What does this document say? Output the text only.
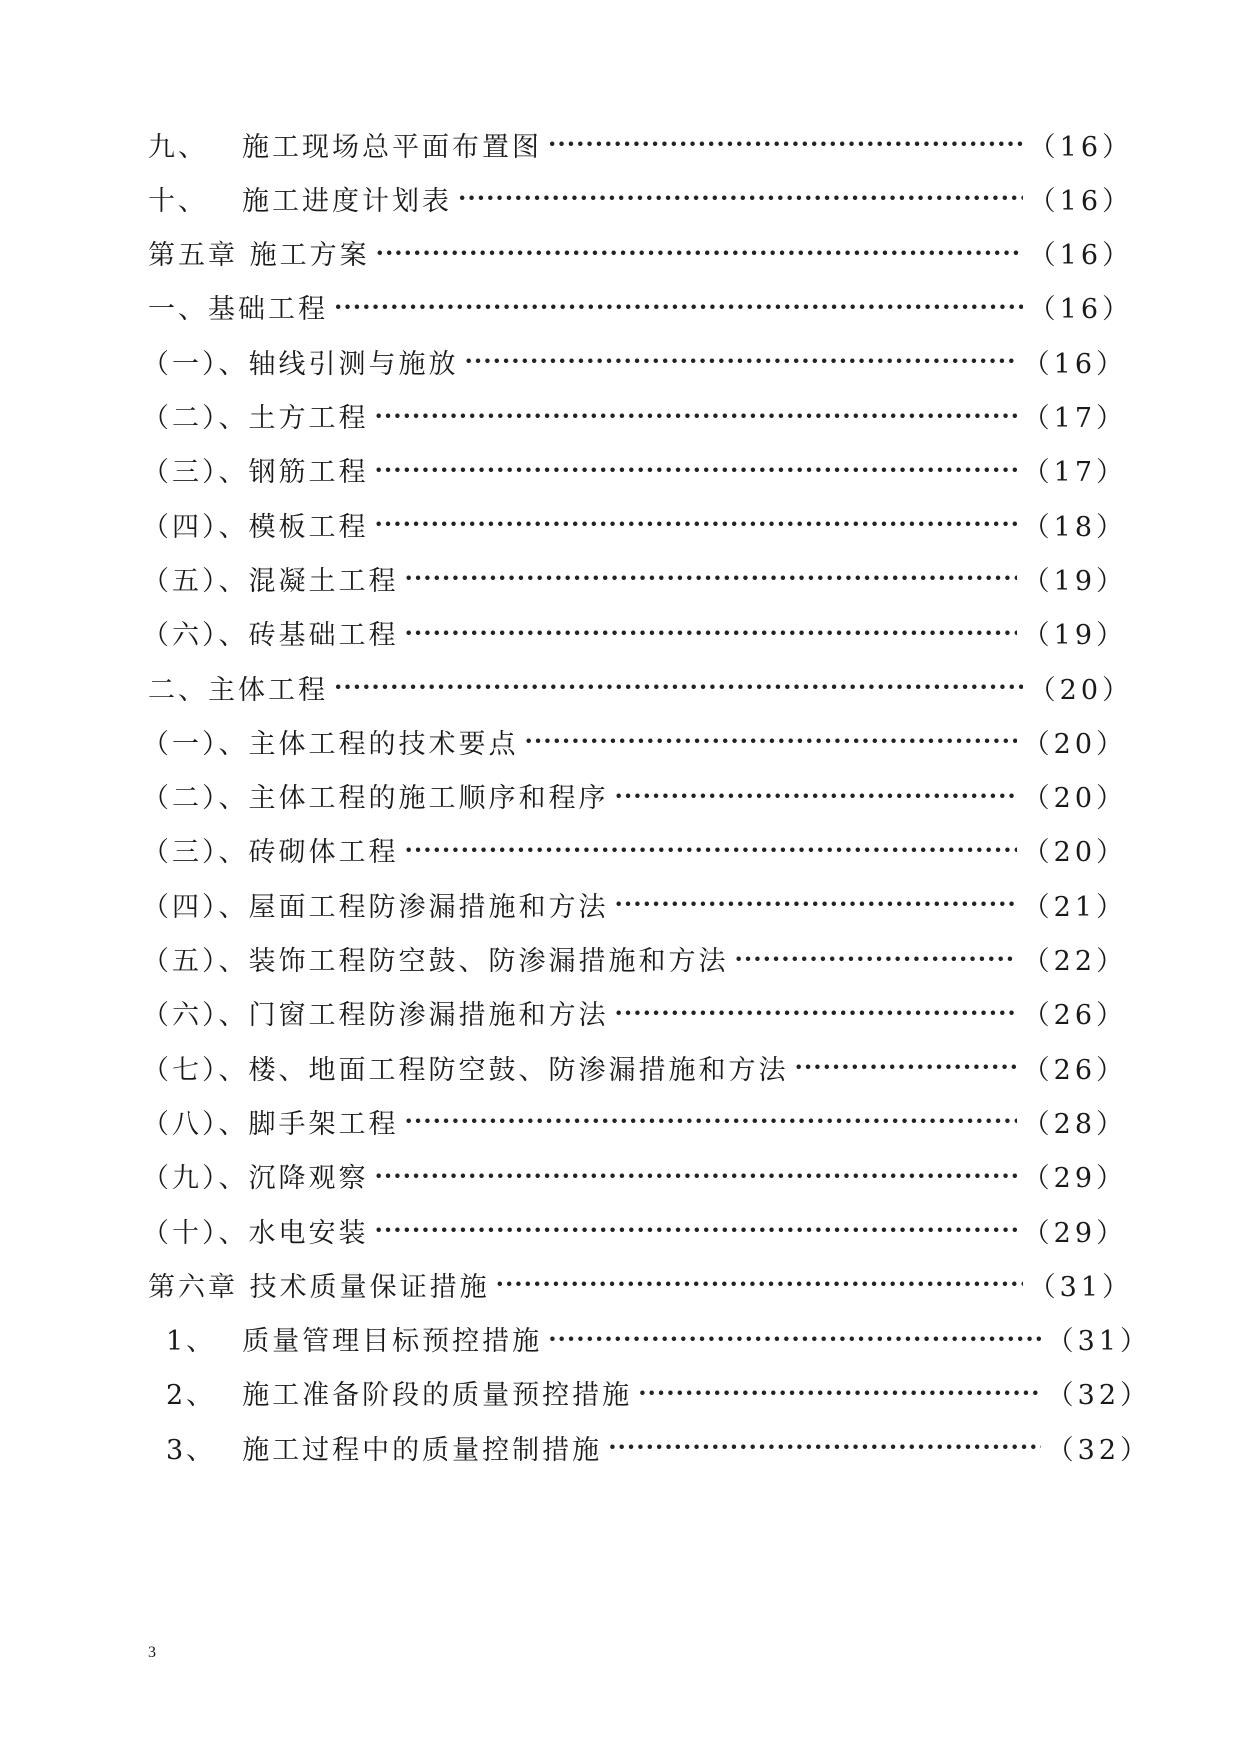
九、 施工现场总平面布置图 ·····	（16）
十、 施工进度计划表 ·····	（16）
第五章 施工方案 ·····	（16）
一、基础工程 ·····	（16）
（一）、轴线引测与施放 ·····	（16）
（二）、土方工程 ·····	（17）
（三）、钢筋工程 ·····	（17）
（四）、模板工程 ·····	（18）
（五）、混凝土工程 ·····	（19）
（六）、砖基础工程 ·····	（19）
二、主体工程 ·····	（20）
（一）、主体工程的技术要点 ·····	（20）
（二）、主体工程的施工顺序和程序 ·····	（20）
（三）、砖砌体工程 ·····	（20）
（四）、屋面工程防渗漏措施和方法 ·····	（21）
（五）、装饰工程防空鼓、防渗漏措施和方法 ·····	（22）
（六）、门窗工程防渗漏措施和方法 ·····	（26）
（七）、楼、地面工程防空鼓、防渗漏措施和方法 ·····	（26）
（八）、脚手架工程 ·····	（28）
（九）、沉降观察 ·····	（29）
（十）、水电安装 ·····	（29）
第六章 技术质量保证措施 ·····	（31）
1、 质量管理目标预控措施 ·····	（31）
2、 施工准备阶段的质量预控措施 ·····	（32）
3、 施工过程中的质量控制措施 ·····	（32）
3
